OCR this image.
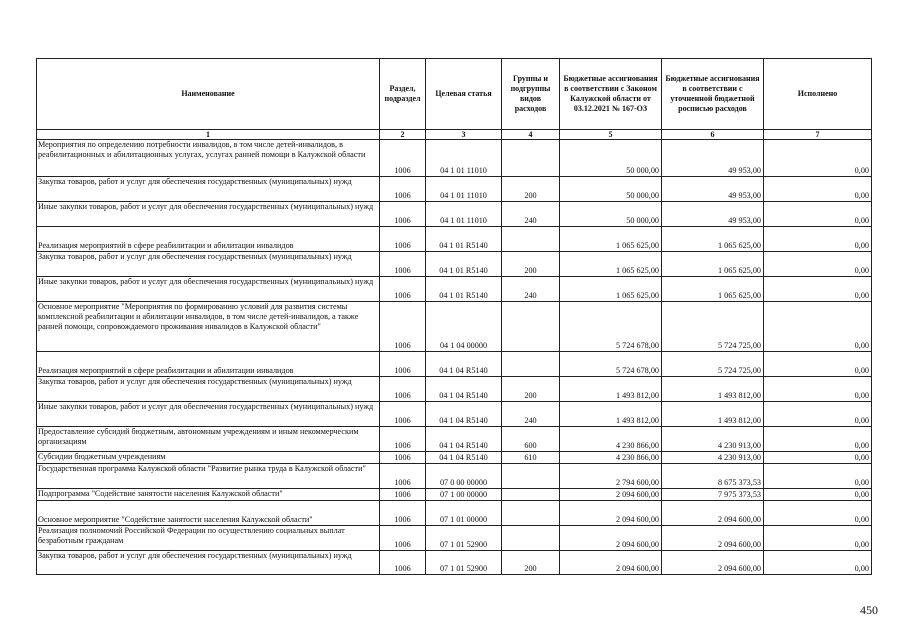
Наименование	Раздел, подраздел	Целевая статья	Группы и подгруппы видов расходов	Бюджетные ассигнования в соответствии с Законом Калужской области от 03.12.2021 № 167-ОЗ	Бюджетные ассигнования в соответствии с уточненной бюджетной росписью расходов	Исполнено
1	2	3	4	5	6	7
Мероприятия по определению потребности инвалидов, в том числе детей-инвалидов, в реабилитационных и абилитационных услугах, услугах ранней помощи в Калужской области	1006	04 1 01 11010		50 000,00	49 953,00	0,00
Закупка товаров, работ и услуг для обеспечения государственных (муниципальных) нужд	1006	04 1 01 11010	200	50 000,00	49 953,00	0,00
Иные закупки товаров, работ и услуг для обеспечения государственных (муниципальных) нужд	1006	04 1 01 11010	240	50 000,00	49 953,00	0,00
Реализация мероприятий в сфере реабилитации и абилитации инвалидов	1006	04 1 01 R5140		1 065 625,00	1 065 625,00	0,00
Закупка товаров, работ и услуг для обеспечения государственных (муниципальных) нужд	1006	04 1 01 R5140	200	1 065 625,00	1 065 625,00	0,00
Иные закупки товаров, работ и услуг для обеспечения государственных (муниципальных) нужд	1006	04 1 01 R5140	240	1 065 625,00	1 065 625,00	0,00
Основное мероприятие "Мероприятия по формированию условий для развития системы комплексной реабилитации и абилитации инвалидов, в том числе детей-инвалидов, а также ранней помощи, сопровождаемого проживания инвалидов в Калужской области"	1006	04 1 04 00000		5 724 678,00	5 724 725,00	0,00
Реализация мероприятий в сфере реабилитации и абилитации инвалидов	1006	04 1 04 R5140		5 724 678,00	5 724 725,00	0,00
Закупка товаров, работ и услуг для обеспечения государственных (муниципальных) нужд	1006	04 1 04 R5140	200	1 493 812,00	1 493 812,00	0,00
Иные закупки товаров, работ и услуг для обеспечения государственных (муниципальных) нужд	1006	04 1 04 R5140	240	1 493 812,00	1 493 812,00	0,00
Предоставление субсидий бюджетным, автономным учреждениям и иным некоммерческим организациям	1006	04 1 04 R5140	600	4 230 866,00	4 230 913,00	0,00
Субсидии бюджетным учреждениям	1006	04 1 04 R5140	610	4 230 866,00	4 230 913,00	0,00
Государственная программа Калужской области "Развитие рынка труда в Калужской области"	1006	07 0 00 00000		2 794 600,00	8 675 373,53	0,00
Подпрограмма "Содействие занятости населения Калужской области"	1006	07 1 00 00000		2 094 600,00	7 975 373,53	0,00
Основное мероприятие "Содействие занятости населения Калужской области"	1006	07 1 01 00000		2 094 600,00	2 094 600,00	0,00
Реализация полномочий Российской Федерации по осуществлению социальных выплат безработным гражданам	1006	07 1 01 52900		2 094 600,00	2 094 600,00	0,00
Закупка товаров, работ и услуг для обеспечения государственных (муниципальных) нужд	1006	07 1 01 52900	200	2 094 600,00	2 094 600,00	0,00
450
